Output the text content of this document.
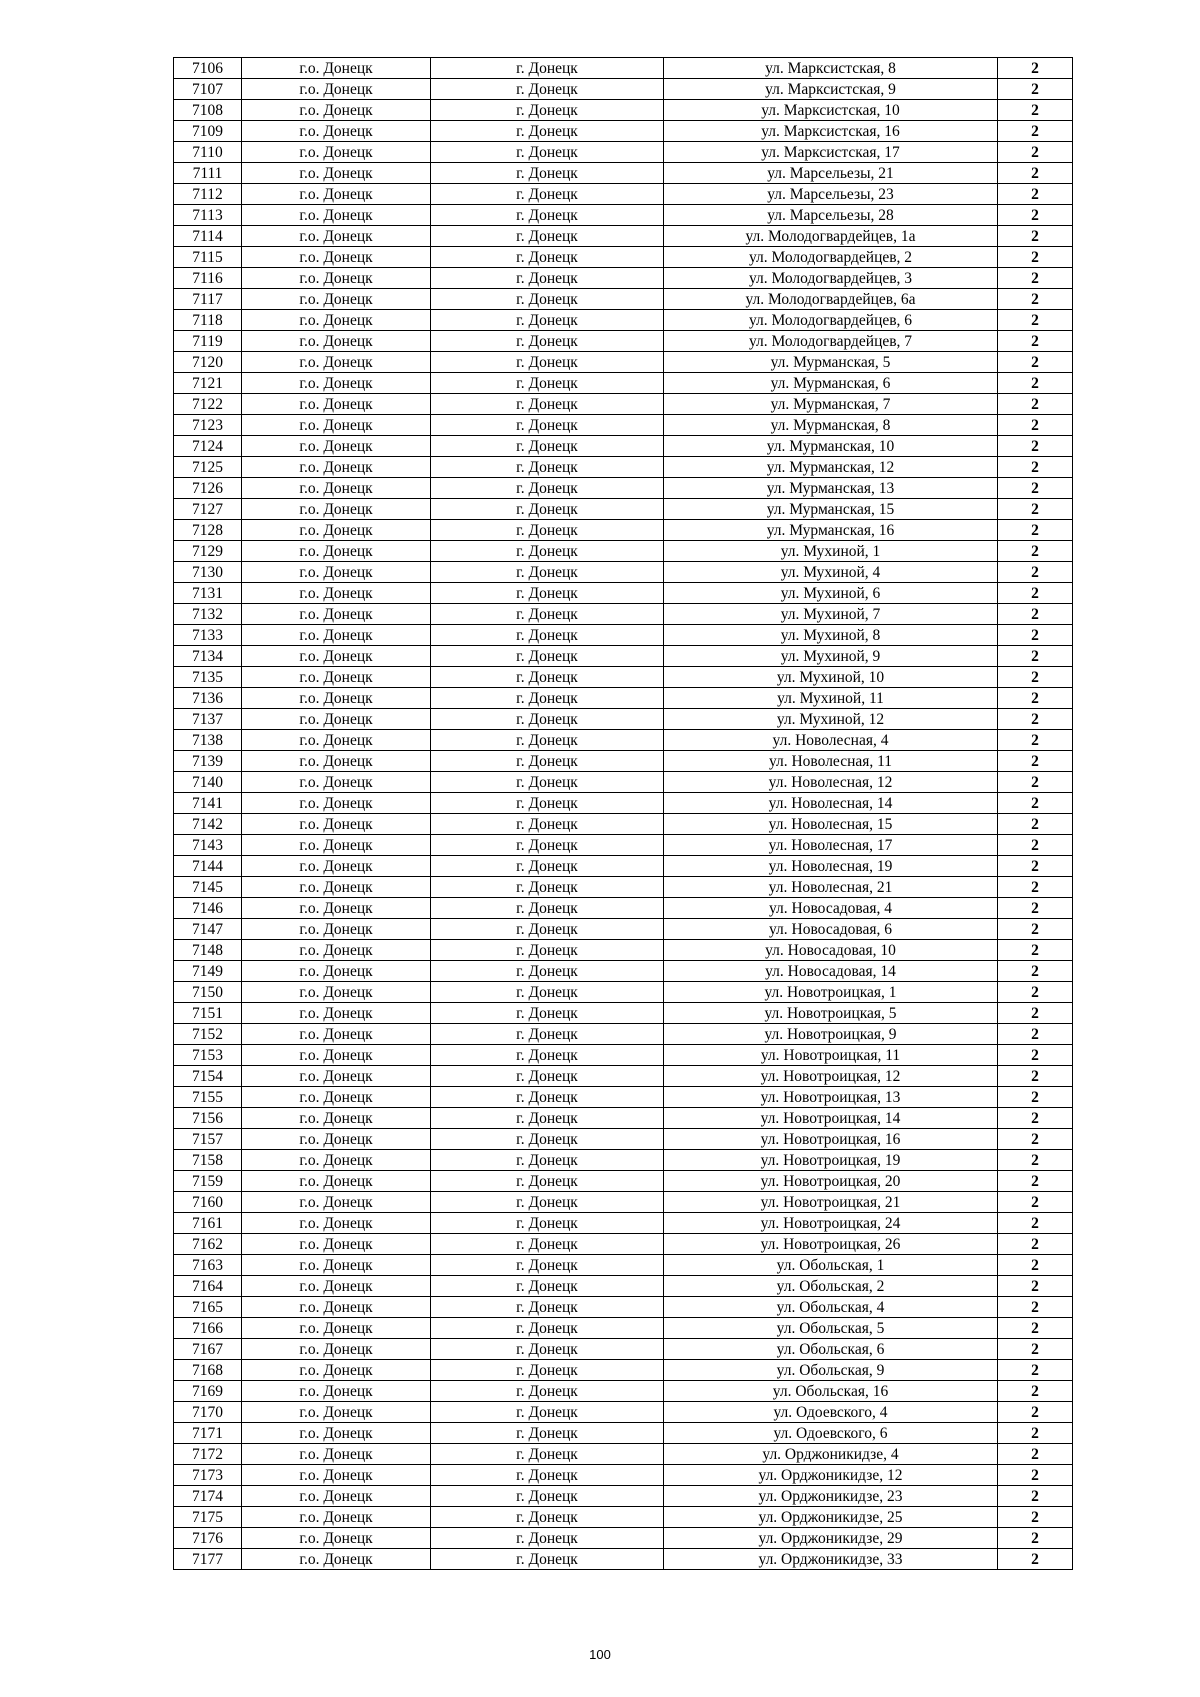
7106	г.о. Донецк	г. Донецк	ул. Марксистская, 8	2
7107	г.о. Донецк	г. Донецк	ул. Марксистская, 9	2
7108	г.о. Донецк	г. Донецк	ул. Марксистская, 10	2
7109	г.о. Донецк	г. Донецк	ул. Марксистская, 16	2
7110	г.о. Донецк	г. Донецк	ул. Марксистская, 17	2
7111	г.о. Донецк	г. Донецк	ул. Марсельезы, 21	2
7112	г.о. Донецк	г. Донецк	ул. Марсельезы, 23	2
7113	г.о. Донецк	г. Донецк	ул. Марсельезы, 28	2
7114	г.о. Донецк	г. Донецк	ул. Молодогвардейцев, 1а	2
7115	г.о. Донецк	г. Донецк	ул. Молодогвардейцев, 2	2
7116	г.о. Донецк	г. Донецк	ул. Молодогвардейцев, 3	2
7117	г.о. Донецк	г. Донецк	ул. Молодогвардейцев, 6а	2
7118	г.о. Донецк	г. Донецк	ул. Молодогвардейцев, 6	2
7119	г.о. Донецк	г. Донецк	ул. Молодогвардейцев, 7	2
7120	г.о. Донецк	г. Донецк	ул. Мурманская, 5	2
7121	г.о. Донецк	г. Донецк	ул. Мурманская, 6	2
7122	г.о. Донецк	г. Донецк	ул. Мурманская, 7	2
7123	г.о. Донецк	г. Донецк	ул. Мурманская, 8	2
7124	г.о. Донецк	г. Донецк	ул. Мурманская, 10	2
7125	г.о. Донецк	г. Донецк	ул. Мурманская, 12	2
7126	г.о. Донецк	г. Донецк	ул. Мурманская, 13	2
7127	г.о. Донецк	г. Донецк	ул. Мурманская, 15	2
7128	г.о. Донецк	г. Донецк	ул. Мурманская, 16	2
7129	г.о. Донецк	г. Донецк	ул. Мухиной, 1	2
7130	г.о. Донецк	г. Донецк	ул. Мухиной, 4	2
7131	г.о. Донецк	г. Донецк	ул. Мухиной, 6	2
7132	г.о. Донецк	г. Донецк	ул. Мухиной, 7	2
7133	г.о. Донецк	г. Донецк	ул. Мухиной, 8	2
7134	г.о. Донецк	г. Донецк	ул. Мухиной, 9	2
7135	г.о. Донецк	г. Донецк	ул. Мухиной, 10	2
7136	г.о. Донецк	г. Донецк	ул. Мухиной, 11	2
7137	г.о. Донецк	г. Донецк	ул. Мухиной, 12	2
7138	г.о. Донецк	г. Донецк	ул. Новолесная, 4	2
7139	г.о. Донецк	г. Донецк	ул. Новолесная, 11	2
7140	г.о. Донецк	г. Донецк	ул. Новолесная, 12	2
7141	г.о. Донецк	г. Донецк	ул. Новолесная, 14	2
7142	г.о. Донецк	г. Донецк	ул. Новолесная, 15	2
7143	г.о. Донецк	г. Донецк	ул. Новолесная, 17	2
7144	г.о. Донецк	г. Донецк	ул. Новолесная, 19	2
7145	г.о. Донецк	г. Донецк	ул. Новолесная, 21	2
7146	г.о. Донецк	г. Донецк	ул. Новосадовая, 4	2
7147	г.о. Донецк	г. Донецк	ул. Новосадовая, 6	2
7148	г.о. Донецк	г. Донецк	ул. Новосадовая, 10	2
7149	г.о. Донецк	г. Донецк	ул. Новосадовая, 14	2
7150	г.о. Донецк	г. Донецк	ул. Новотроицкая, 1	2
7151	г.о. Донецк	г. Донецк	ул. Новотроицкая, 5	2
7152	г.о. Донецк	г. Донецк	ул. Новотроицкая, 9	2
7153	г.о. Донецк	г. Донецк	ул. Новотроицкая, 11	2
7154	г.о. Донецк	г. Донецк	ул. Новотроицкая, 12	2
7155	г.о. Донецк	г. Донецк	ул. Новотроицкая, 13	2
7156	г.о. Донецк	г. Донецк	ул. Новотроицкая, 14	2
7157	г.о. Донецк	г. Донецк	ул. Новотроицкая, 16	2
7158	г.о. Донецк	г. Донецк	ул. Новотроицкая, 19	2
7159	г.о. Донецк	г. Донецк	ул. Новотроицкая, 20	2
7160	г.о. Донецк	г. Донецк	ул. Новотроицкая, 21	2
7161	г.о. Донецк	г. Донецк	ул. Новотроицкая, 24	2
7162	г.о. Донецк	г. Донецк	ул. Новотроицкая, 26	2
7163	г.о. Донецк	г. Донецк	ул. Обольская, 1	2
7164	г.о. Донецк	г. Донецк	ул. Обольская, 2	2
7165	г.о. Донецк	г. Донецк	ул. Обольская, 4	2
7166	г.о. Донецк	г. Донецк	ул. Обольская, 5	2
7167	г.о. Донецк	г. Донецк	ул. Обольская, 6	2
7168	г.о. Донецк	г. Донецк	ул. Обольская, 9	2
7169	г.о. Донецк	г. Донецк	ул. Обольская, 16	2
7170	г.о. Донецк	г. Донецк	ул. Одоевского, 4	2
7171	г.о. Донецк	г. Донецк	ул. Одоевского, 6	2
7172	г.о. Донецк	г. Донецк	ул. Орджоникидзе, 4	2
7173	г.о. Донецк	г. Донецк	ул. Орджоникидзе, 12	2
7174	г.о. Донецк	г. Донецк	ул. Орджоникидзе, 23	2
7175	г.о. Донецк	г. Донецк	ул. Орджоникидзе, 25	2
7176	г.о. Донецк	г. Донецк	ул. Орджоникидзе, 29	2
7177	г.о. Донецк	г. Донецк	ул. Орджоникидзе, 33	2
100
